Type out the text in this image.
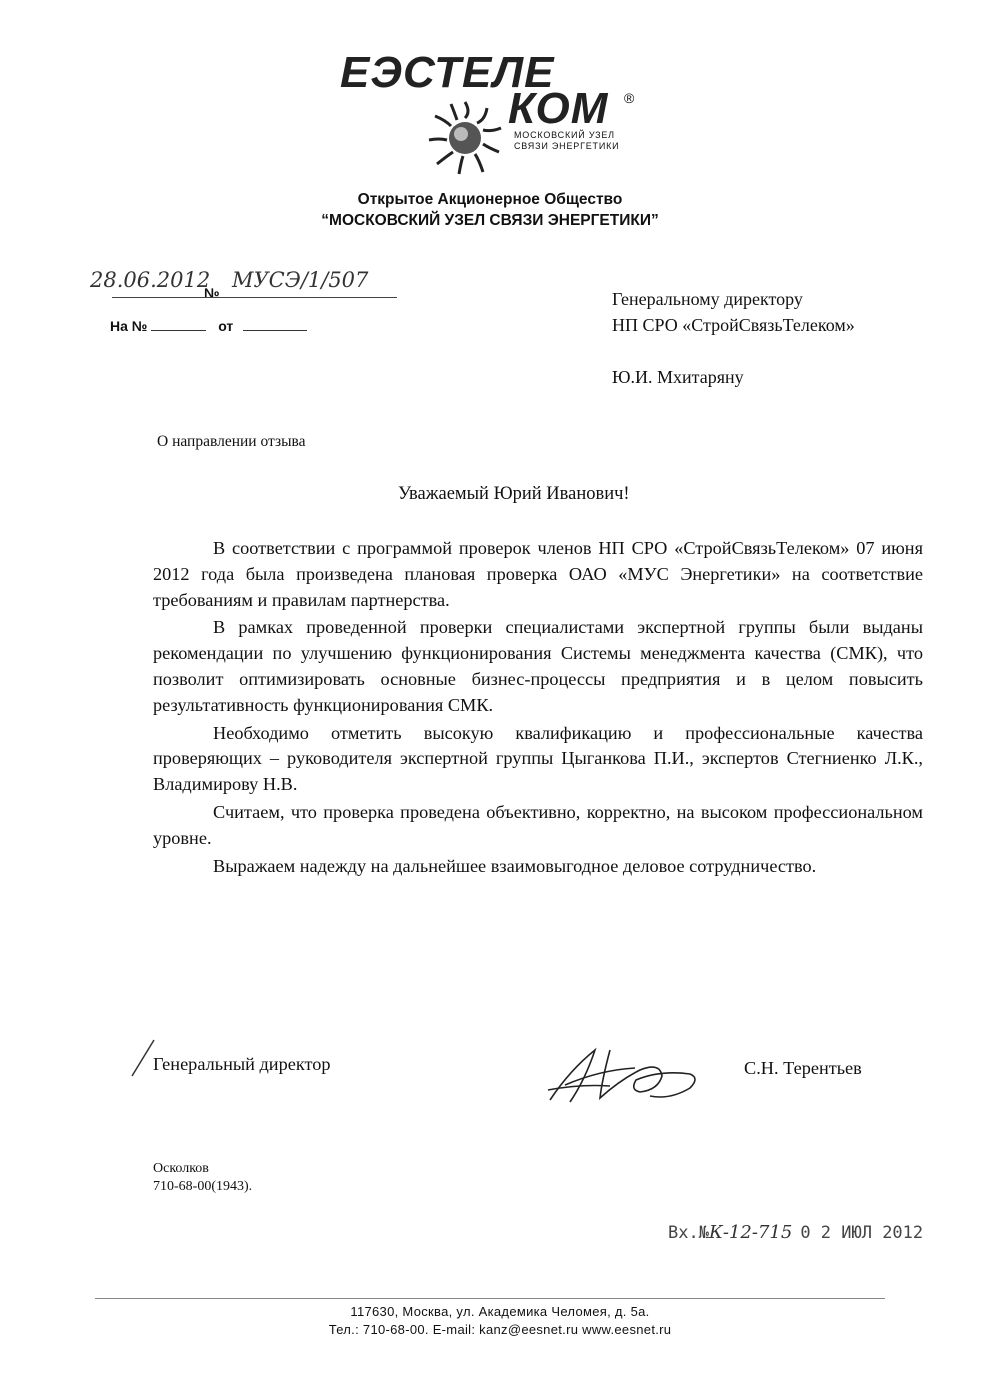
ЕЭСТЕЛЕ
КОМ ®
МОСКОВСКИЙ УЗЕЛ
СВЯЗИ ЭНЕРГЕТИКИ
Открытое Акционерное Общество
“МОСКОВСКИЙ УЗЕЛ СВЯЗИ ЭНЕРГЕТИКИ”
28.06.2012
№
МУСЭ/1/507
На №	от
Генеральному директору
НП СРО «СтройСвязьТелеком»
Ю.И. Мхитаряну
О направлении отзыва
Уважаемый Юрий Иванович!

В соответствии с программой проверок членов НП СРО «СтройСвязьТелеком» 07 июня 2012 года была произведена плановая проверка ОАО «МУС Энергетики» на соответствие требованиям и правилам партнерства.

В рамках проведенной проверки специалистами экспертной группы были выданы рекомендации по улучшению функционирования Системы менеджмента качества (СМК), что позволит оптимизировать основные бизнес-процессы предприятия и в целом повысить результативность функционирования СМК.

Необходимо отметить высокую квалификацию и профессиональные качества проверяющих – руководителя экспертной группы Цыганкова П.И., экспертов Стегниенко Л.К., Владимирову Н.В.

Считаем, что проверка проведена объективно, корректно, на высоком профессиональном уровне.

Выражаем надежду на дальнейшее взаимовыгодное деловое сотрудничество.

Генеральный директор	С.Н. Терентьев
Осколков
710-68-00(1943).
Вх.№К-12-715 0 2 ИЮЛ 2012
117630, Москва, ул. Академика Челомея, д. 5а.
Тел.: 710-68-00. E-mail: kanz@eesnet.ru www.eesnet.ru
